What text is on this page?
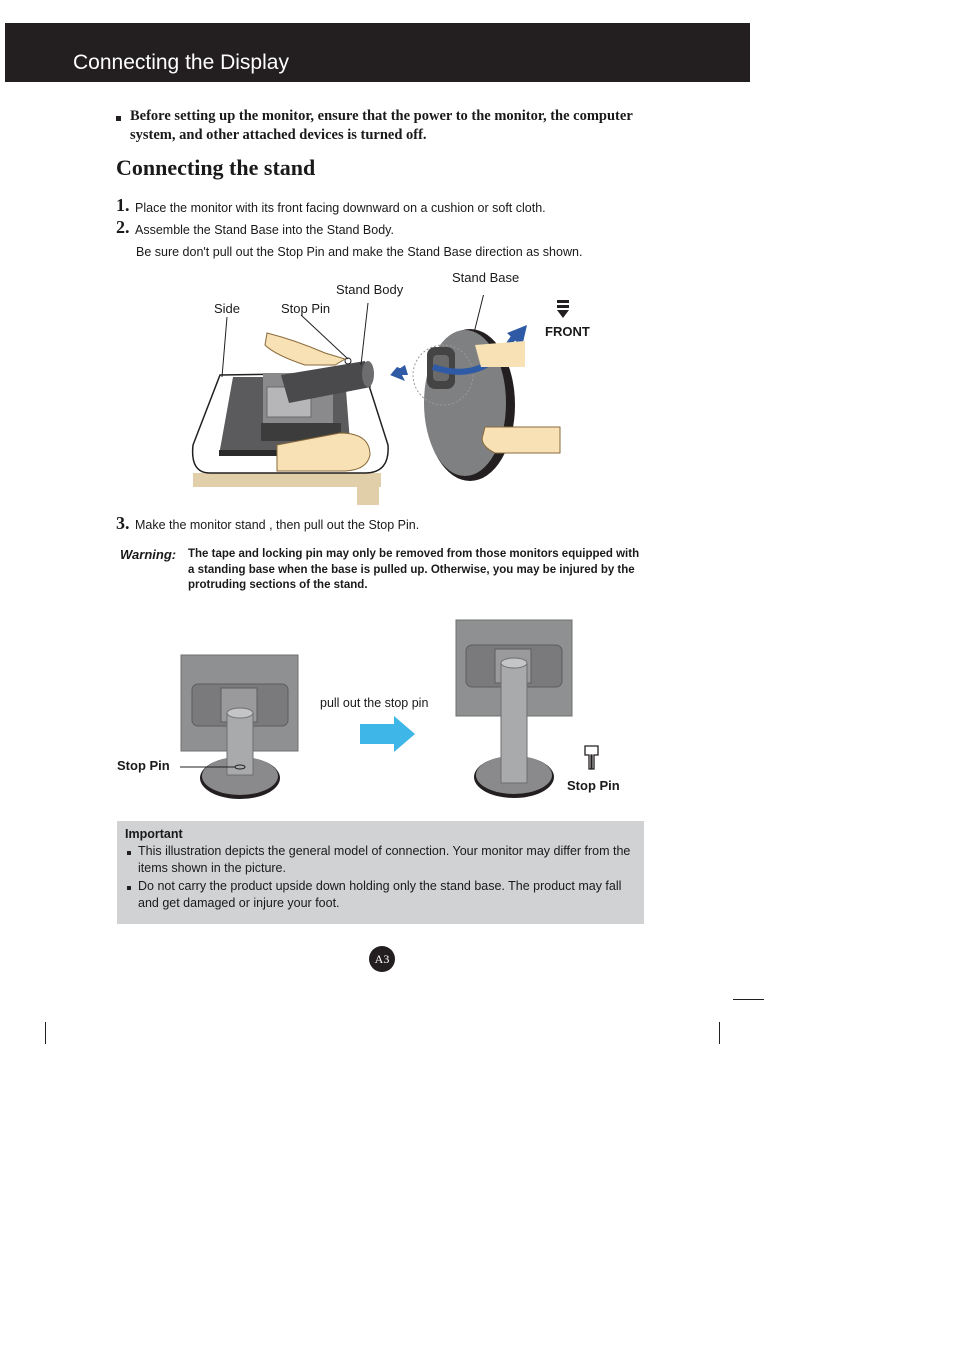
Connecting the Display
Before setting up the monitor, ensure that the power to the monitor, the computer system, and other attached devices is turned off.
Connecting the stand
1. Place the monitor with its front facing downward on a cushion or soft cloth.
2. Assemble the Stand Base into the Stand Body.
Be sure don't pull out the Stop Pin and make the Stand Base direction as shown.
Side	Stop Pin
Stand Body
Stand Base
FRONT
3. Make the monitor stand , then pull out the Stop Pin.
Warning: The tape and locking pin may only be removed from those monitors equipped with a standing base when the base is pulled up. Otherwise, you may be injured by the protruding sections of the stand.
Stop Pin
pull out the stop pin
Stop Pin
Important
This illustration depicts the general model of connection. Your monitor may differ from the items shown in the picture.
Do not carry the product upside down holding only the stand base. The product may fall and get damaged or injure your foot.
A3
